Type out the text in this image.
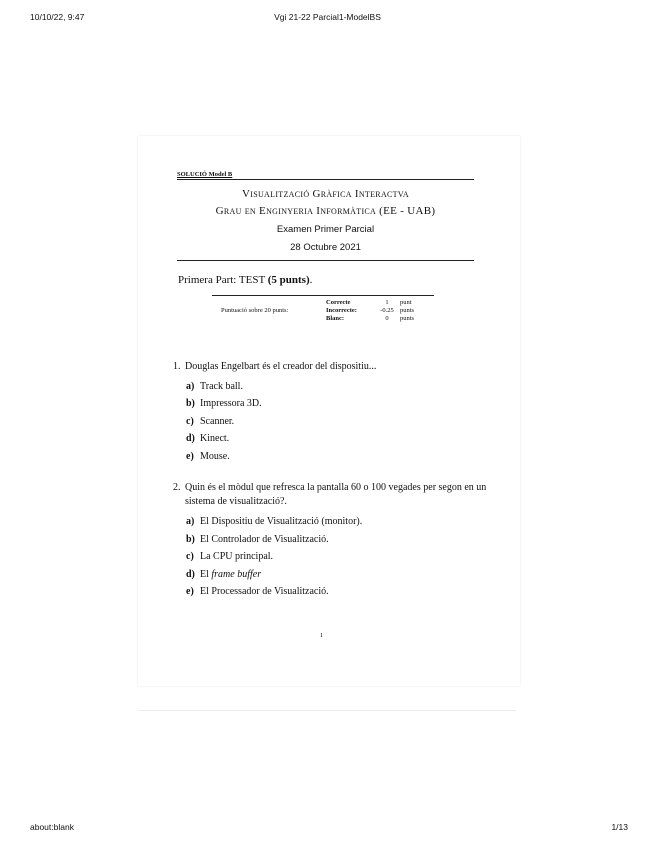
10/10/22, 9:47	Vgi 21-22 Parcial1-ModelBS
SOLUCIÓ Model B
Visualització Gràfica Interactva
Grau en Enginyeria Informàtica (EE - UAB)
Examen Primer Parcial
28 Octubre 2021
Primera Part: TEST (5 punts).
Puntuació sobre 20 punts:
Correcte	1	punt
Incorrecte:	-0.25 punts
Blanc:	0	punts
1. Douglas Engelbart és el creador del dispositiu...
a) Track ball.
b) Impressora 3D.
c) Scanner.
d) Kinect.
e) Mouse.
2. Quin és el mòdul que refresca la pantalla 60 o 100 vegades per segon en un sistema de visualització?.
a) El Dispositiu de Visualització (monitor).
b) El Controlador de Visualització.
c) La CPU principal.
d) El frame buffer
e) El Processador de Visualització.
1
about:blank	1/13
